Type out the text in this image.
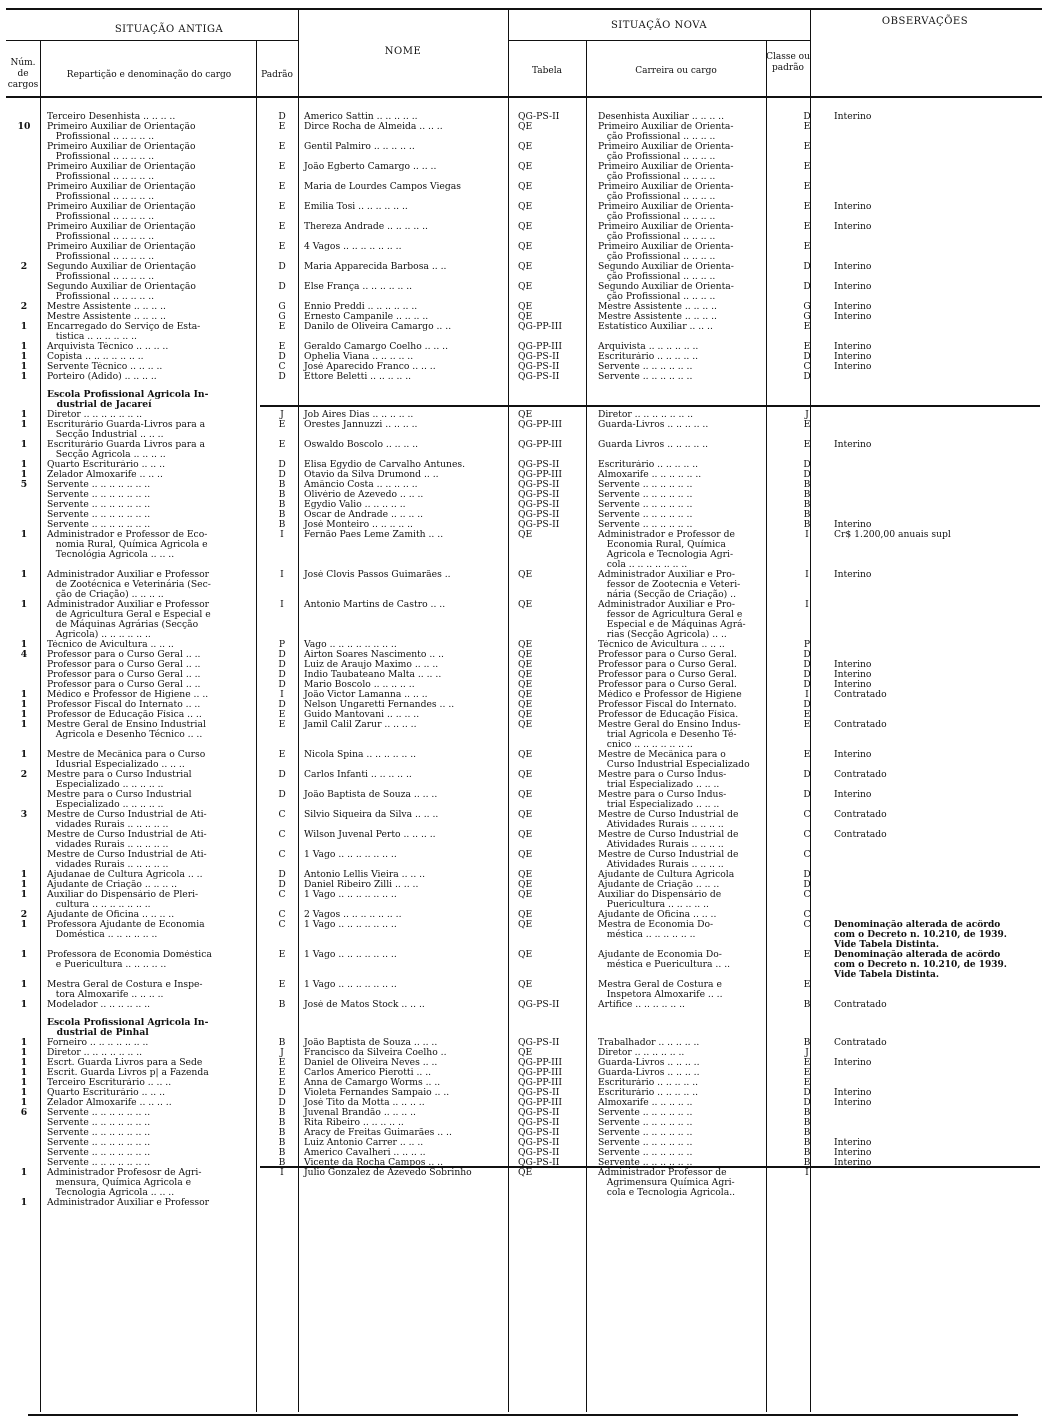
SITUAÇÃO ANTIGA
Núm. de cargos
Repartição e denominação do cargo	Padrão
NOME
SITUAÇÃO NOVA
Tabela	Carreira ou cargo
Classe ou padrão
OBSERVAÇÕES
	Terceiro Desenhista .. .. .. ..	D	Americo Sattin .. .. .. .. ..	QG-PS-II	Desenhista Auxiliar .. .. .. ..	D	Interino
10	Primeiro Auxiliar de Orientação
Profissional .. .. .. .. ..	E	Dirce Rocha de Almeida .. .. ..	QE	Primeiro Auxiliar de Orienta-
ção Profissional .. .. .. ..	E	
	Primeiro Auxiliar de Orientação
Profissional .. .. .. .. ..	E	Gentil Palmiro .. .. .. .. ..	QE	Primeiro Auxiliar de Orienta-
ção Profissional .. .. .. ..	E	
	Primeiro Auxiliar de Orientação
Profissional .. .. .. .. ..	E	João Egberto Camargo .. .. ..	QE	Primeiro Auxiliar de Orienta-
ção Profissional .. .. .. ..	E	
	Primeiro Auxiliar de Orientação
Profissional .. .. .. .. ..	E	Maria de Lourdes Campos Viegas	QE	Primeiro Auxiliar de Orienta-
ção Profissional .. .. .. ..	E	
	Primeiro Auxiliar de Orientação
Profissional .. .. .. .. ..	E	Emilia Tosi .. .. .. .. .. ..	QE	Primeiro Auxiliar de Orienta-
ção Profissional .. .. .. ..	E	Interino
	Primeiro Auxiliar de Orientação
Profissional .. .. .. .. ..	E	Thereza Andrade .. .. .. .. ..	QE	Primeiro Auxiliar de Orienta-
ção Profissional .. .. .. ..	E	Interino
	Primeiro Auxiliar de Orientação
Profissional .. .. .. .. ..	E	4 Vagos .. .. .. .. .. .. ..	QE	Primeiro Auxiliar de Orienta-
ção Profissional .. .. .. ..	E	
2	Segundo Auxiliar de Orientação
Profissional .. .. .. .. ..	D	Maria Apparecida Barbosa .. ..	QE	Segundo Auxiliar de Orienta-
ção Profissional .. .. .. ..	D	Interino
	Segundo Auxiliar de Orientação
Profissional .. .. .. .. ..	D	Else França .. .. .. .. .. ..	QE	Segundo Auxiliar de Orienta-
ção Profissional .. .. .. ..	D	Interino
2	Mestre Assistente .. .. .. ..	G	Ennio Preddi .. .. .. .. .. ..	QE	Mestre Assistente .. .. .. ..	G	Interino
	Mestre Assistente .. .. .. ..	G	Ernesto Campanile .. .. .. ..	QE	Mestre Assistente .. .. .. ..	G	Interino
1	Encarregado do Serviço de Esta-
tistica .. .. .. .. .. ..	E	Danilo de Oliveira Camargo .. ..	QG-PP-III	Estatístico Auxiliar .. .. ..	E	
1	Arquivista Técnico .. .. .. ..	E	Geraldo Camargo Coelho .. .. ..	QG-PP-III	Arquivista .. .. .. .. .. ..	E	Interino
1	Copista .. .. .. .. .. .. ..	D	Ophelia Viana .. .. .. .. ..	QG-PS-II	Escriturário .. .. .. .. ..	D	Interino
1	Servente Técnico .. .. .. ..	C	José Aparecido Franco .. .. ..	QG-PS-II	Servente .. .. .. .. .. ..	C	Interino
1	Porteiro (Adido) .. .. .. ..	D	Ettore Beletti .. .. .. .. ..	QG-PS-II	Servente .. .. .. .. .. ..	D	
	Escola Profissional Agricola In-
dustrial de Jacareí						
1	Diretor .. .. .. .. .. .. ..	J	Job Aires Dias .. .. .. .. ..	QE	Diretor .. .. .. .. .. .. ..	J	
1	Escriturário Guarda-Livros para a
Secção Industrial .. .. ..	E	Orestes Jannuzzi .. .. .. ..	QG-PP-III	Guarda-Livros .. .. .. .. ..	E	
1	Escriturário Guarda Livros para a
Secção Agricola .. .. .. ..	E	Oswaldo Boscolo .. .. .. ..	QG-PP-III	Guarda Livros .. .. .. .. ..	E	Interino
1	Quarto Escriturário .. .. ..	D	Elisa Egydio de Carvalho Antunes.	QG-PS-II	Escriturário .. .. .. .. ..	D	
1	Zelador Almoxarife .. .. ..	D	Otavio da Silva Drumond .. ..	QG-PP-III	Almoxarife .. .. .. .. .. ..	D	
5	Servente .. .. .. .. .. .. ..	B	Amâncio Costa .. .. .. .. ..	QG-PS-II	Servente .. .. .. .. .. ..	B	
	Servente .. .. .. .. .. .. ..	B	Olivério de Azevedo .. .. ..	QG-PS-II	Servente .. .. .. .. .. ..	B	
	Servente .. .. .. .. .. .. ..	B	Egydio Valio .. .. .. .. ..	QG-PS-II	Servente .. .. .. .. .. ..	B	
	Servente .. .. .. .. .. .. ..	B	Oscar de Andrade .. .. .. ..	QG-PS-II	Servente .. .. .. .. .. ..	B	
	Servente .. .. .. .. .. .. ..	B	José Monteiro .. .. .. .. ..	QG-PS-II	Servente .. .. .. .. .. ..	B	Interino
1	Administrador e Professor de Eco-
nomia Rural, Química Agricola e
Tecnológia Agricola .. .. ..	I	Fernão Paes Leme Zamith .. ..	QE	Administrador e Professor de
Economia Rural, Química
Agricola e Tecnologia Agri-
cola .. .. .. .. .. .. ..	I	Cr$ 1.200,00 anuais supl
1	Administrador Auxiliar e Professor
de Zootécnica e Veterinária (Sec-
ção de Criação) .. .. .. ..	I	José Clovis Passos Guimarães ..	QE	Administrador Auxiliar e Pro-
fessor de Zootecnia e Veteri-
nária (Secção de Criação) ..	I	Interino
1	Administrador Auxiliar e Professor
de Agricultura Geral e Especial e
de Máquinas Agrárias (Secção
Agricola) .. .. .. .. .. ..	I	Antonio Martins de Castro .. ..	QE	Administrador Auxiliar e Pro-
fessor de Agricultura Geral e
Especial e de Máquinas Agrá-
rias (Secção Agricola) .. ..	I	
1	Técnico de Avicultura .. .. ..	P	Vago .. .. .. .. .. .. .. ..	QE	Técnico de Avicultura .. .. ..	P	
4	Professor para o Curso Geral .. ..	D	Airton Soares Nascimento .. ..	QE	Professor para o Curso Geral.	D	
	Professor para o Curso Geral .. ..	D	Luiz de Araujo Maximo .. .. ..	QE	Professor para o Curso Geral.	D	Interino
	Professor para o Curso Geral .. ..	D	Indio Taubateano Malta .. .. ..	QE	Professor para o Curso Geral.	D	Interino
	Professor para o Curso Geral .. ..	D	Mario Boscolo .. .. .. .. ..	QE	Professor para o Curso Geral.	D	Interino
1	Médico e Professor de Higiene .. ..	I	João Victor Lamanna .. .. ..	QE	Médico e Professor de Higiene	I	Contratado
1	Professor Fiscal do Internato .. ..	D	Nelson Ungaretti Fernandes .. ..	QE	Professor Fiscal do Internato.	D	
1	Professor de Educação Física .. ..	E	Guido Mantovani .. .. .. ..	QE	Professor de Educação Física.	E	
1	Mestre Geral de Ensino Industrial
Agricola e Desenho Técnico .. ..	E	Jamil Calil Zarur .. .. .. ..	QE	Mestre Geral do Ensino Indus-
trial Agricola e Desenho Té-
cnico .. .. .. .. .. .. ..	E	Contratado
1	Mestre de Mecânica para o Curso
Idusrial Especializado .. .. ..	E	Nicola Spina .. .. .. .. .. ..	QE	Mestre de Mecânica para o
Curso Industrial Especializado	E	Interino
2	Mestre para o Curso Industrial
Especializado .. .. .. .. ..	D	Carlos Infanti .. .. .. .. ..	QE	Mestre para o Curso Indus-
trial Especializado .. .. ..	D	Contratado
	Mestre para o Curso Industrial
Especializado .. .. .. .. ..	D	João Baptista de Souza .. .. ..	QE	Mestre para o Curso Indus-
trial Especializado .. .. ..	D	Interino
3	Mestre de Curso Industrial de Ati-
vidades Rurais .. .. .. .. ..	C	Silvio Siqueira da Silva .. .. ..	QE	Mestre de Curso Industrial de
Atividades Rurais .. .. .. ..	C	Contratado
	Mestre de Curso Industrial de Ati-
vidades Rurais .. .. .. .. ..	C	Wilson Juvenal Perto .. .. .. ..	QE	Mestre de Curso Industrial de
Atividades Rurais .. .. .. ..	C	Contratado
	Mestre de Curso Industrial de Ati-
vidades Rurais .. .. .. .. ..	C	1 Vago .. .. .. .. .. .. ..	QE	Mestre de Curso Industrial de
Atividades Rurais .. .. .. ..	C	
1	Ajudanae de Cultura Agricola .. ..	D	Antonio Lellis Vieira .. .. ..	QE	Ajudante de Cultura Agricola	D	
1	Ajudante de Criação .. .. .. ..	D	Daniel Ribeiro Zilli .. .. ..	QE	Ajudante de Criação .. .. ..	D	
1	Auxiliar do Dispensário de Pleri-
cultura .. .. .. .. .. .. ..	C	1 Vago .. .. .. .. .. .. ..	QE	Auxiliar do Dispensário de
Puericultura .. .. .. .. ..	C	
2	Ajudante de Oficina .. .. .. ..	C	2 Vagos .. .. .. .. .. .. ..	QE	Ajudante de Oficina .. .. ..	C	
1	Professora Ajudante de Economia
Doméstica .. .. .. .. .. ..	C	1 Vago .. .. .. .. .. .. ..	QE	Mestra de Economia Do-
méstica .. .. .. .. .. ..	C	Denominação alterada de acôrdo
com o Decreto n. 10.210, de 1939.
Vide Tabela Distinta.
1	Professora de Economia Doméstica
e Puericultura .. .. .. .. ..	E	1 Vago .. .. .. .. .. .. ..	QE	Ajudante de Economia Do-
méstica e Puericultura .. ..	E	Denominação alterada de acôrdo
com o Decreto n. 10.210, de 1939.
Vide Tabela Distinta.
1	Mestra Geral de Costura e Inspe-
tora Almoxarife .. .. .. ..	E	1 Vago .. .. .. .. .. .. ..	QE	Mestra Geral de Costura e
Inspetora Almoxarife .. ..	E	
1	Modelador .. .. .. .. .. ..	B	José de Matos Stock .. .. ..	QG-PS-II	Artífice .. .. .. .. .. ..	B	Contratado
	Escola Profissional Agricola In-
dustrial de Pinhal						
1	Forneiro .. .. .. .. .. .. ..	B	João Baptista de Souza .. .. ..	QG-PS-II	Trabalhador .. .. .. .. ..	B	Contratado
1	Diretor .. .. .. .. .. .. ..	J	Francisco da Silveira Coelho ..	QE	Diretor .. .. .. .. .. ..	J	
1	Escrt. Guarda Livros para a Sede	E	Daniel de Oliveira Neves .. ..	QG-PP-III	Guarda-Livros .. .. .. ..	E	Interino
1	Escrit. Guarda Livros p| a Fazenda	E	Carlos Americo Pierotti .. ..	QG-PP-III	Guarda-Livros .. .. .. ..	E	
1	Terceiro Escriturário .. .. ..	E	Anna de Camargo Worms .. ..	QG-PP-III	Escriturário .. .. .. .. ..	E	
1	Quarto Escriturário .. .. ..	D	Violeta Fernandes Sampaio .. ..	QG-PS-II	Escriturário .. .. .. .. ..	D	Interino
1	Zelador Almoxarife .. .. .. ..	D	José Tito da Motta .. .. .. ..	QG-PP-III	Almoxarife .. .. .. .. ..	D	Interino
6	Servente .. .. .. .. .. .. ..	B	Juvenal Brandão .. .. .. ..	QG-PS-II	Servente .. .. .. .. .. ..	B	
	Servente .. .. .. .. .. .. ..	B	Rita Ribeiro .. .. .. .. ..	QG-PS-II	Servente .. .. .. .. .. ..	B	
	Servente .. .. .. .. .. .. ..	B	Aracy de Freitas Guimarães .. ..	QG-PS-II	Servente .. .. .. .. .. ..	B	
	Servente .. .. .. .. .. .. ..	B	Luiz Antonio Carrer .. .. ..	QG-PS-II	Servente .. .. .. .. .. ..	B	Interino
	Servente .. .. .. .. .. .. ..	B	Americo Cavalheri .. .. .. ..	QG-PS-II	Servente .. .. .. .. .. ..	B	Interino
	Servente .. .. .. .. .. .. ..	B	Vicente da Rocha Campos .. ..	QG-PS-II	Servente .. .. .. .. .. ..	B	Interino
1	Administrador Profesosr de Agri-
mensura, Química Agricola e
Tecnologia Agricola .. .. ..	I	Julio Gonzalez de Azevedo Sobrinho	QE	Administrador Professor de
Agrimensura Química Agri-
cola e Tecnologia Agricola..	I	
1	Administrador Auxiliar e Professor						
